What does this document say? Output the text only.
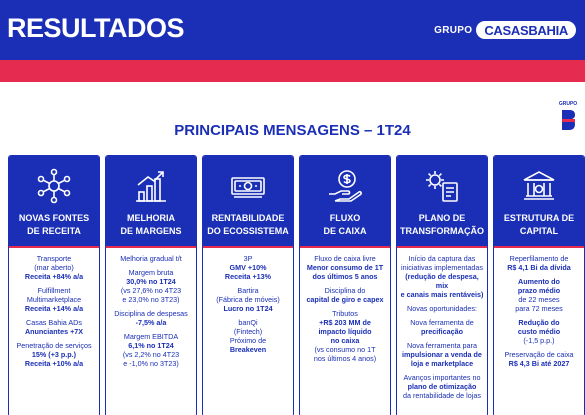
RESULTADOS	GRUPO CASASBAHIA
GRUPO
PRINCIPAIS MENSAGENS – 1T24
NOVAS FONTES
DE RECEITA
Transporte
(mar aberto)
Receita +84% a/a
Fulfillment
Multimarketplace
Receita +14% a/a
Casas Bahia ADs
Anunciantes +7X
Penetração de serviços
15% (+3 p.p.)
Receita +10% a/a
MELHORIA
DE MARGENS
Melhoria gradual t/t
Margem bruta
30,0% no 1T24
(vs 27,6% no 4T23
e 23,0% no 3T23)
Disciplina de despesas
-7,5% a/a
Margem EBITDA
6,1% no 1T24
(vs 2,2% no 4T23
e -1,0% no 3T23)
RENTABILIDADE
DO ECOSSISTEMA
3P
GMV +10%
Receita +13%
Bartira
(Fábrica de móveis)
Lucro no 1T24
banQi
(Fintech)
Próximo de
Breakeven
FLUXO
DE CAIXA
Fluxo de caixa livre
Menor consumo de 1T
dos últimos 5 anos
Disciplina do
capital de giro e capex
Tributos
+R$ 203 MM de
impacto líquido
no caixa
(vs consumo no 1T
nos últimos 4 anos)
PLANO DE
TRANSFORMAÇÃO
Início da captura das
iniciativas implementadas
(redução de despesa, mix
e canais mais rentáveis)
Novas oportunidades:
Nova ferramenta de
precificação
Nova ferramenta para
impulsionar a venda de
loja e marketplace
Avanços importantes no
plano de otimização
da rentabilidade de lojas
ESTRUTURA DE
CAPITAL
Reperfilamento de
R$ 4,1 Bi da dívida
Aumento do
prazo médio
de 22 meses
para 72 meses
Redução do
custo médio
(-1,5 p.p.)
Preservação de caixa
R$ 4,3 Bi até 2027
